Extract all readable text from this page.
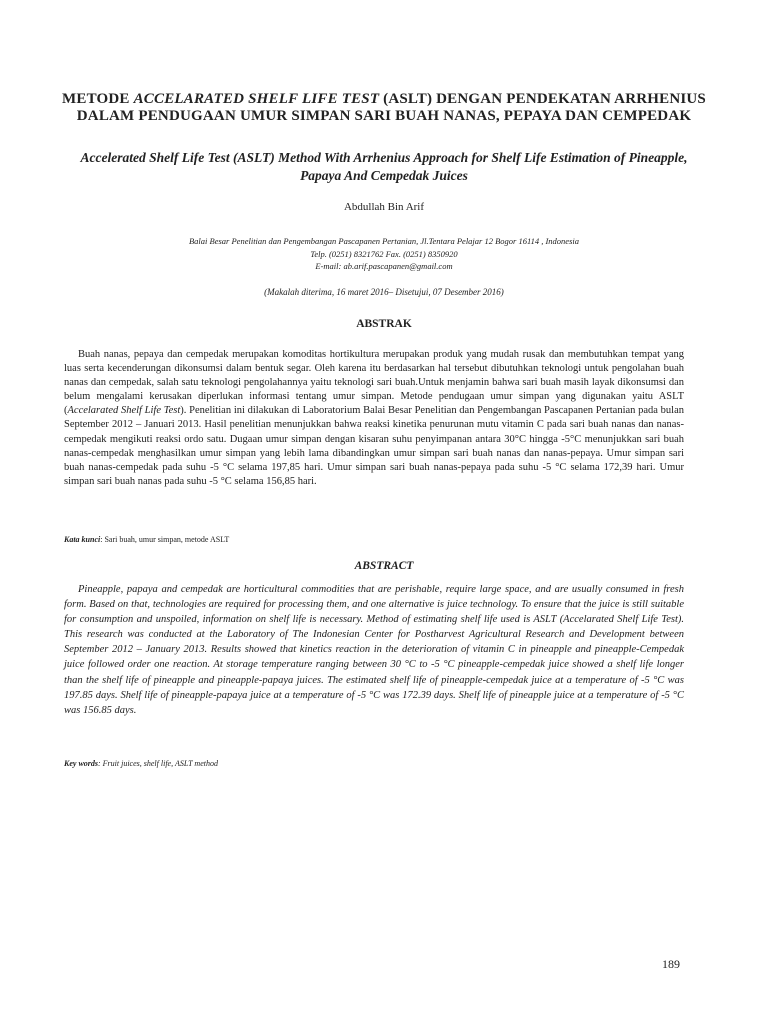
METODE ACCELARATED SHELF LIFE TEST (ASLT) DENGAN PENDEKATAN ARRHENIUS DALAM PENDUGAAN UMUR SIMPAN SARI BUAH NANAS, PEPAYA DAN CEMPEDAK
Accelerated Shelf Life Test (ASLT) Method With Arrhenius Approach for Shelf Life Estimation of Pineapple, Papaya And Cempedak Juices
Abdullah Bin Arif
Balai Besar Penelitian dan Pengembangan Pascapanen Pertanian, Jl.Tentara Pelajar 12 Bogor 16114 , Indonesia
Telp. (0251) 8321762 Fax. (0251) 8350920
E-mail: ab.arif.pascapanen@gmail.com
(Makalah diterima, 16 maret 2016– Disetujui, 07 Desember 2016)
ABSTRAK
Buah nanas, pepaya dan cempedak merupakan komoditas hortikultura merupakan produk yang mudah rusak dan membutuhkan tempat yang luas serta kecenderungan dikonsumsi dalam bentuk segar. Oleh karena itu berdasarkan hal tersebut dibutuhkan teknologi untuk pengolahan buah nanas dan cempedak, salah satu teknologi pengolahannya yaitu teknologi sari buah.Untuk menjamin bahwa sari buah masih layak dikonsumsi dan belum mengalami kerusakan diperlukan informasi tentang umur simpan. Metode pendugaan umur simpan yang digunakan yaitu ASLT (Accelarated Shelf Life Test). Penelitian ini dilakukan di Laboratorium Balai Besar Penelitian dan Pengembangan Pascapanen Pertanian pada bulan September 2012 – Januari 2013. Hasil penelitian menunjukkan bahwa reaksi kinetika penurunan mutu vitamin C pada sari buah nanas dan nanas-cempedak mengikuti reaksi ordo satu. Dugaan umur simpan dengan kisaran suhu penyimpanan antara 30°C hingga -5°C menunjukkan sari buah nanas-cempedak menghasilkan umur simpan yang lebih lama dibandingkan umur simpan sari buah nanas dan nanas-pepaya. Umur simpan sari buah nanas-cempedak pada suhu -5 °C selama 197,85 hari. Umur simpan sari buah nanas-pepaya pada suhu -5 °C selama 172,39 hari. Umur simpan sari buah nanas pada suhu -5 °C selama 156,85 hari.
Kata kunci: Sari buah, umur simpan, metode ASLT
ABSTRACT
Pineapple, papaya and cempedak are horticultural commodities that are perishable, require large space, and are usually consumed in fresh form. Based on that, technologies are required for processing them, and one alternative is juice technology. To ensure that the juice is still suitable for consumption and unspoiled, information on shelf life is necessary. Method of estimating shelf life used is ASLT (Accelarated Shelf Life Test). This research was conducted at the Laboratory of The Indonesian Center for Postharvest Agricultural Research and Development between September 2012 – January 2013. Results showed that kinetics reaction in the deterioration of vitamin C in pineapple and pineapple-Cempedak juice followed order one reaction. At storage temperature ranging between 30 °C to -5 °C pineapple-cempedak juice showed a shelf life longer than the shelf life of pineapple and pineapple-papaya juices. The estimated shelf life of pineapple-cempedak juice at a temperature of -5 °C was 197.85 days. Shelf life of pineapple-papaya juice at a temperature of -5 °C was 172.39 days. Shelf life of pineapple juice at a temperature of -5 °C was 156.85 days.
Key words: Fruit juices, shelf life, ASLT method
189
